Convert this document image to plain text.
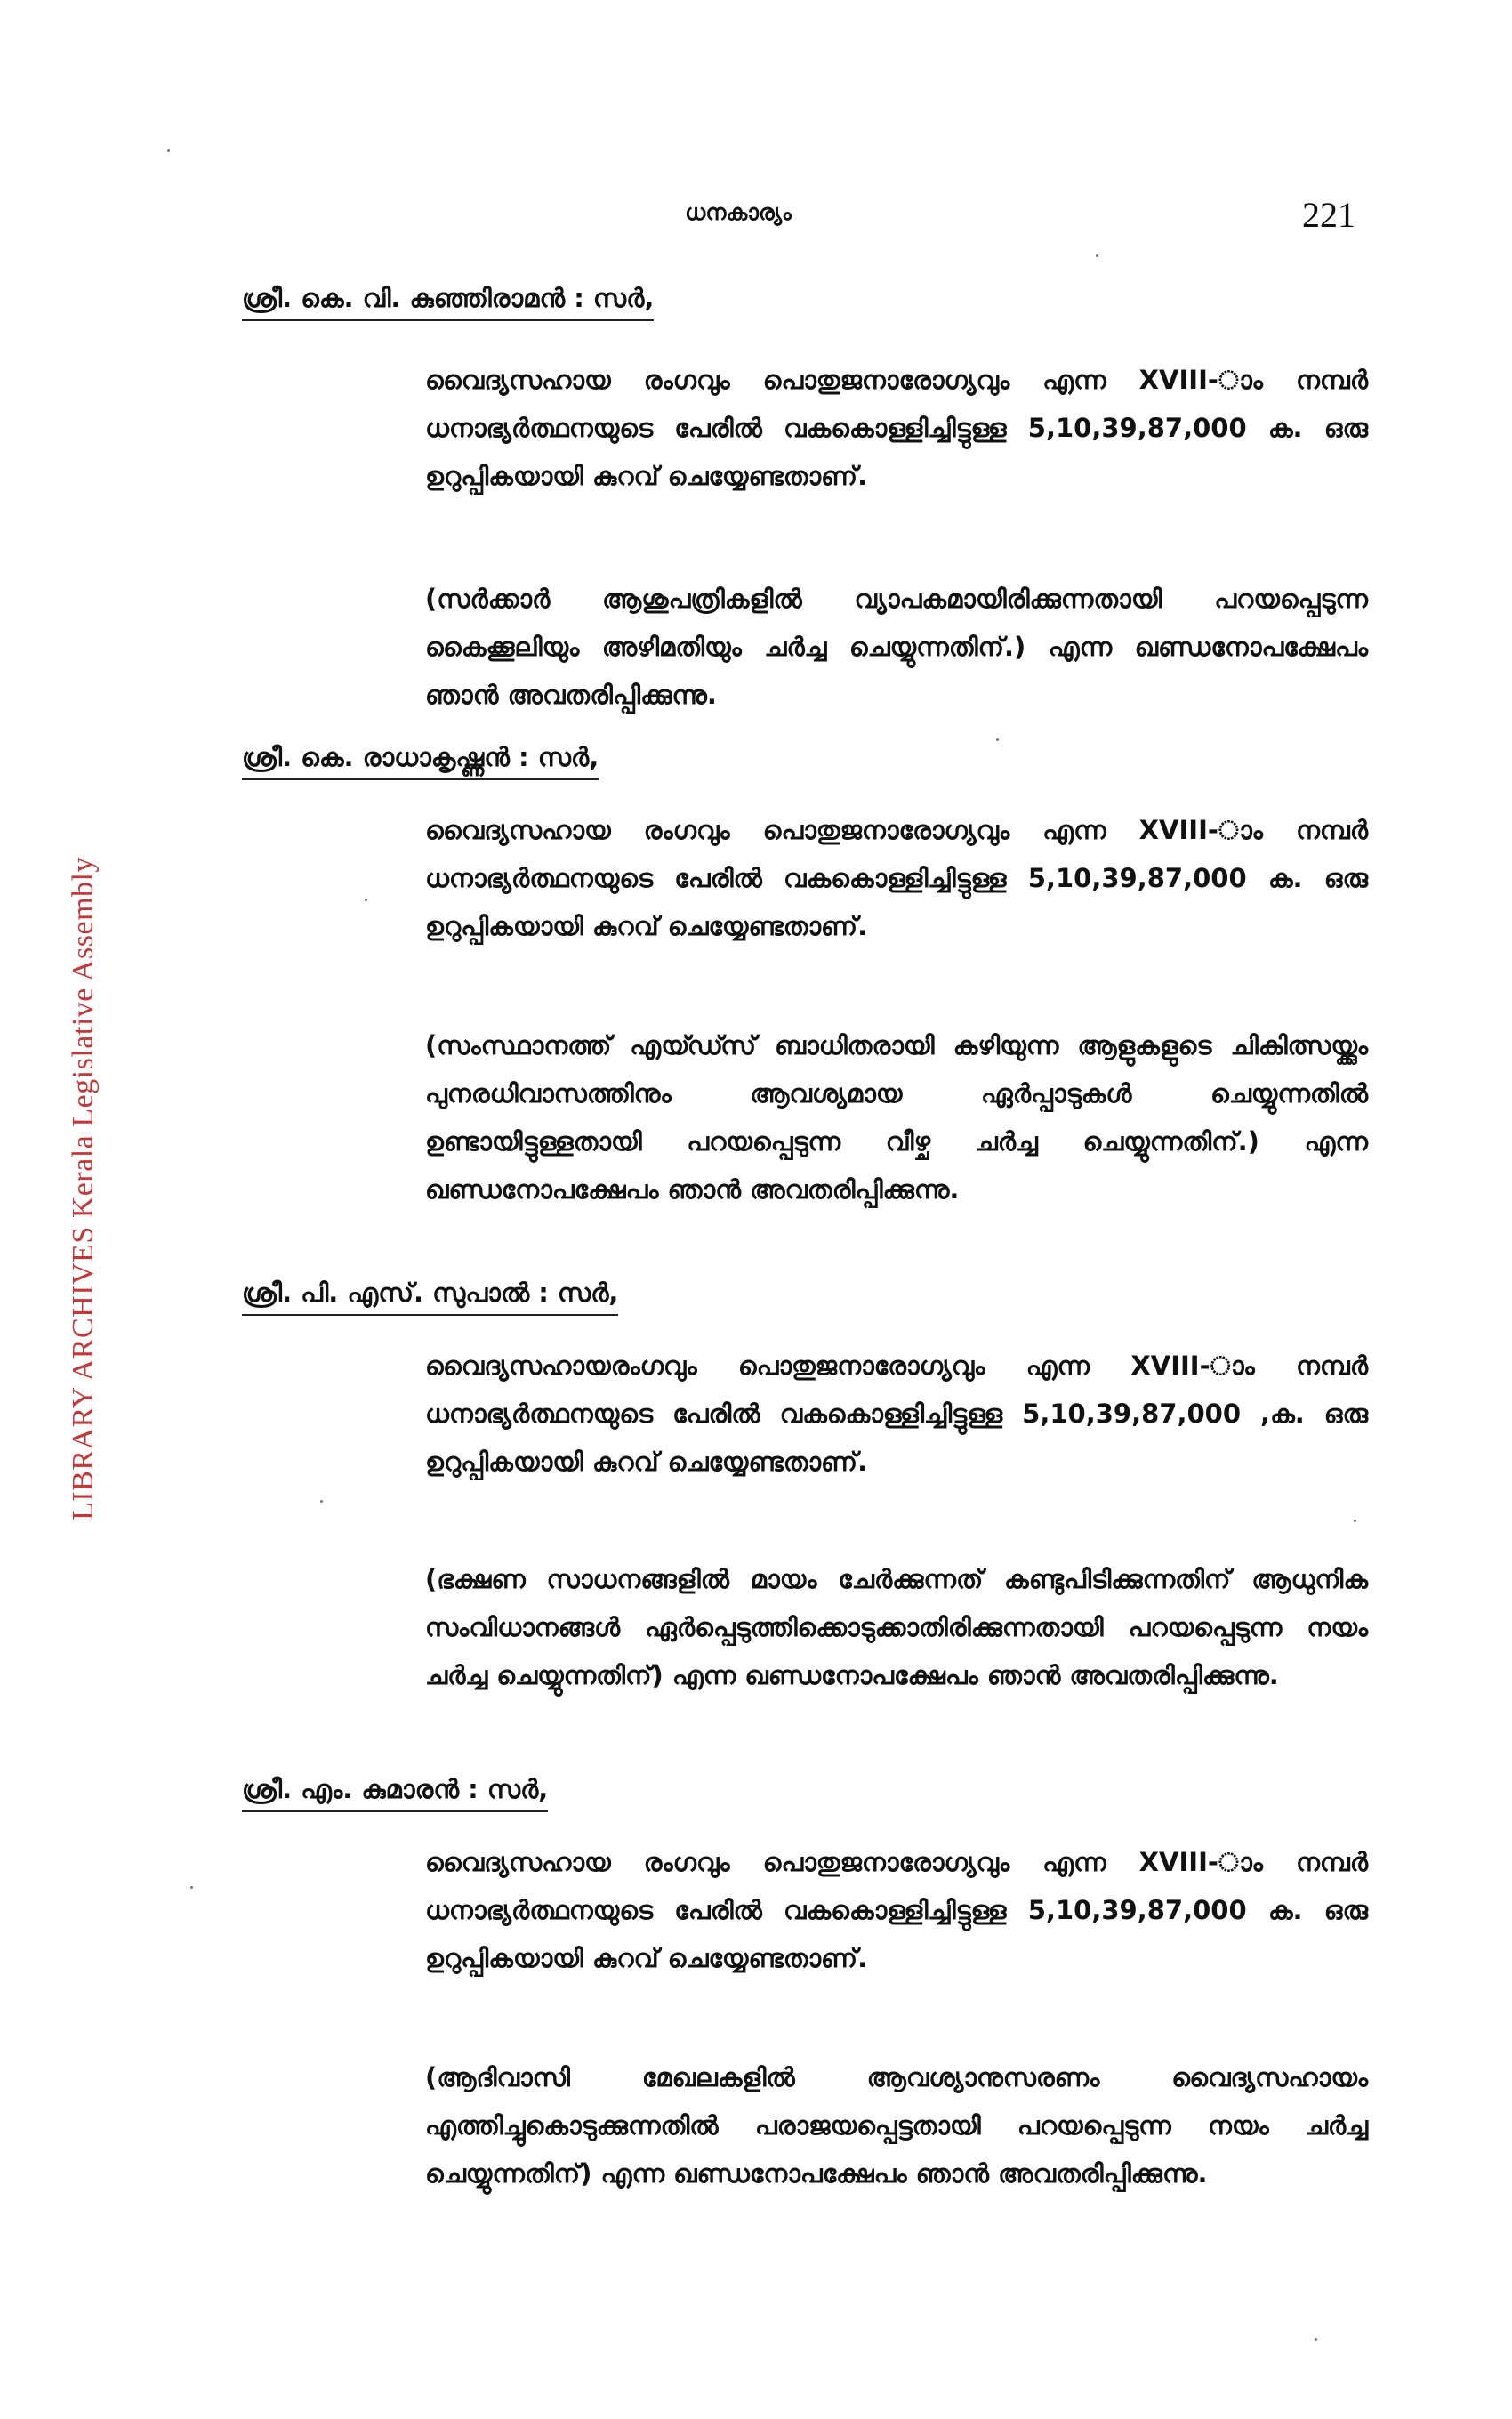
LIBRARY ARCHIVES Kerala Legislative Assembly
ധനകാര്യം	221
ശ്രീ. കെ. വി. കുഞ്ഞിരാമൻ : സർ,

വൈദ്യസഹായ രംഗവും പൊതുജനാരോഗ്യവും എന്ന XVIII-ാം നമ്പർ ധനാഭ്യർത്ഥനയുടെ പേരിൽ വകകൊള്ളിച്ചിട്ടുള്ള 5,10,39,87,000 ക. ഒരു ഉറുപ്പികയായി കുറവ് ചെയ്യേണ്ടതാണ്.

(സർക്കാർ ആശുപത്രികളിൽ വ്യാപകമായിരിക്കുന്നതായി പറയപ്പെടുന്ന കൈക്കൂലിയും അഴിമതിയും ചർച്ച ചെയ്യുന്നതിന്.) എന്ന ഖണ്ഡനോപക്ഷേപം ഞാൻ അവതരിപ്പിക്കുന്നു.

ശ്രീ. കെ. രാധാകൃഷ്ണൻ : സർ,

വൈദ്യസഹായ രംഗവും പൊതുജനാരോഗ്യവും എന്ന XVIII-ാം നമ്പർ ധനാഭ്യർത്ഥനയുടെ പേരിൽ വകകൊള്ളിച്ചിട്ടുള്ള 5,10,39,87,000 ക. ഒരു ഉറുപ്പികയായി കുറവ് ചെയ്യേണ്ടതാണ്.

(സംസ്ഥാനത്ത് എയ്ഡ്സ് ബാധിതരായി കഴിയുന്ന ആളുകളുടെ ചികിത്സയ്ക്കും പുനരധിവാസത്തിനും ആവശ്യമായ ഏർപ്പാടുകൾ ചെയ്യുന്നതിൽ ഉണ്ടായിട്ടുള്ളതായി പറയപ്പെടുന്ന വീഴ്ച ചർച്ച ചെയ്യുന്നതിന്.) എന്ന ഖണ്ഡനോപക്ഷേപം ഞാൻ അവതരിപ്പിക്കുന്നു.

ശ്രീ. പി. എസ്. സുപാൽ : സർ,

വൈദ്യസഹായരംഗവും പൊതുജനാരോഗ്യവും എന്ന XVIII-ാം നമ്പർ ധനാഭ്യർത്ഥനയുടെ പേരിൽ വകകൊള്ളിച്ചിട്ടുള്ള 5,10,39,87,000 ,ക. ഒരു ഉറുപ്പികയായി കുറവ് ചെയ്യേണ്ടതാണ്.

(ഭക്ഷണ സാധനങ്ങളിൽ മായം ചേർക്കുന്നത് കണ്ടുപിടിക്കുന്നതിന് ആധുനിക സംവിധാനങ്ങൾ ഏർപ്പെടുത്തിക്കൊടുക്കാതിരിക്കുന്നതായി പറയപ്പെടുന്ന നയം ചർച്ച ചെയ്യുന്നതിന്) എന്ന ഖണ്ഡനോപക്ഷേപം ഞാൻ അവതരിപ്പിക്കുന്നു.

ശ്രീ. എം. കുമാരൻ : സർ,

വൈദ്യസഹായ രംഗവും പൊതുജനാരോഗ്യവും എന്ന XVIII-ാം നമ്പർ ധനാഭ്യർത്ഥനയുടെ പേരിൽ വകകൊള്ളിച്ചിട്ടുള്ള 5,10,39,87,000 ക. ഒരു ഉറുപ്പികയായി കുറവ് ചെയ്യേണ്ടതാണ്.

(ആദിവാസി മേഖലകളിൽ ആവശ്യാനുസരണം വൈദ്യസഹായം എത്തിച്ചുകൊടുക്കുന്നതിൽ പരാജയപ്പെട്ടതായി പറയപ്പെടുന്ന നയം ചർച്ച ചെയ്യുന്നതിന്) എന്ന ഖണ്ഡനോപക്ഷേപം ഞാൻ അവതരിപ്പിക്കുന്നു.
